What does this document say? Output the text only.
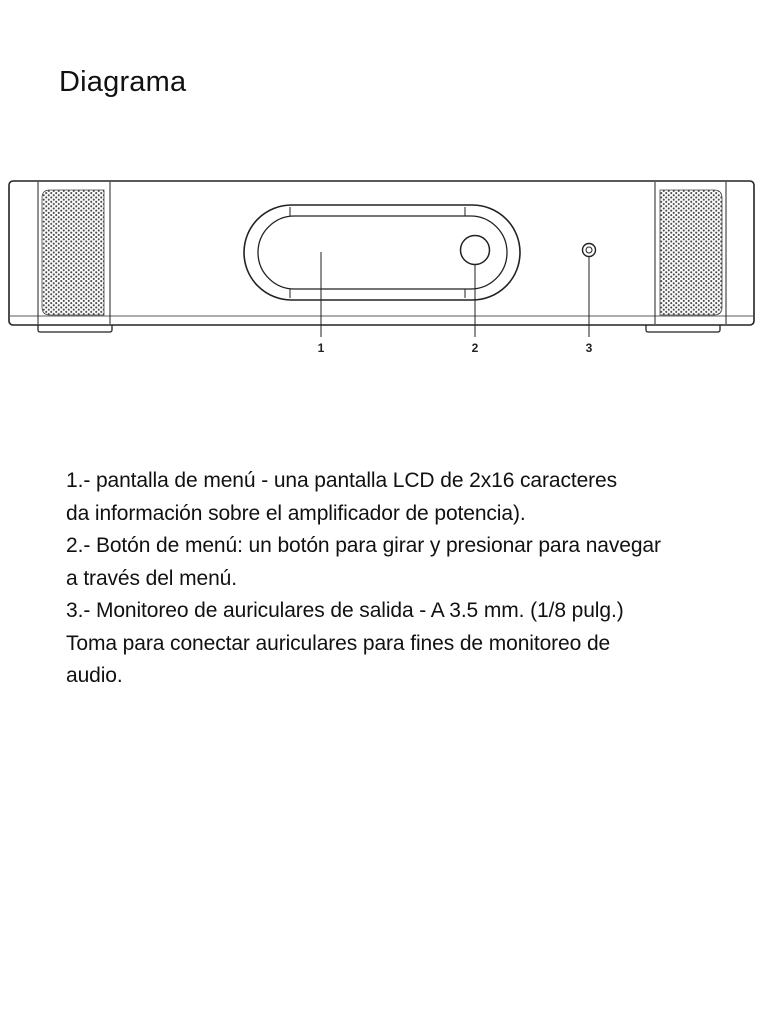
Diagrama
1	2	3

1.- pantalla de menú - una pantalla LCD de 2x16 caracteres

da información sobre el amplificador de potencia).

2.- Botón de menú: un botón para girar y presionar para navegar

a través del menú.

3.- Monitoreo de auriculares de salida - A 3.5 mm. (1/8 pulg.)

Toma para conectar auriculares para fines de monitoreo de

audio.
